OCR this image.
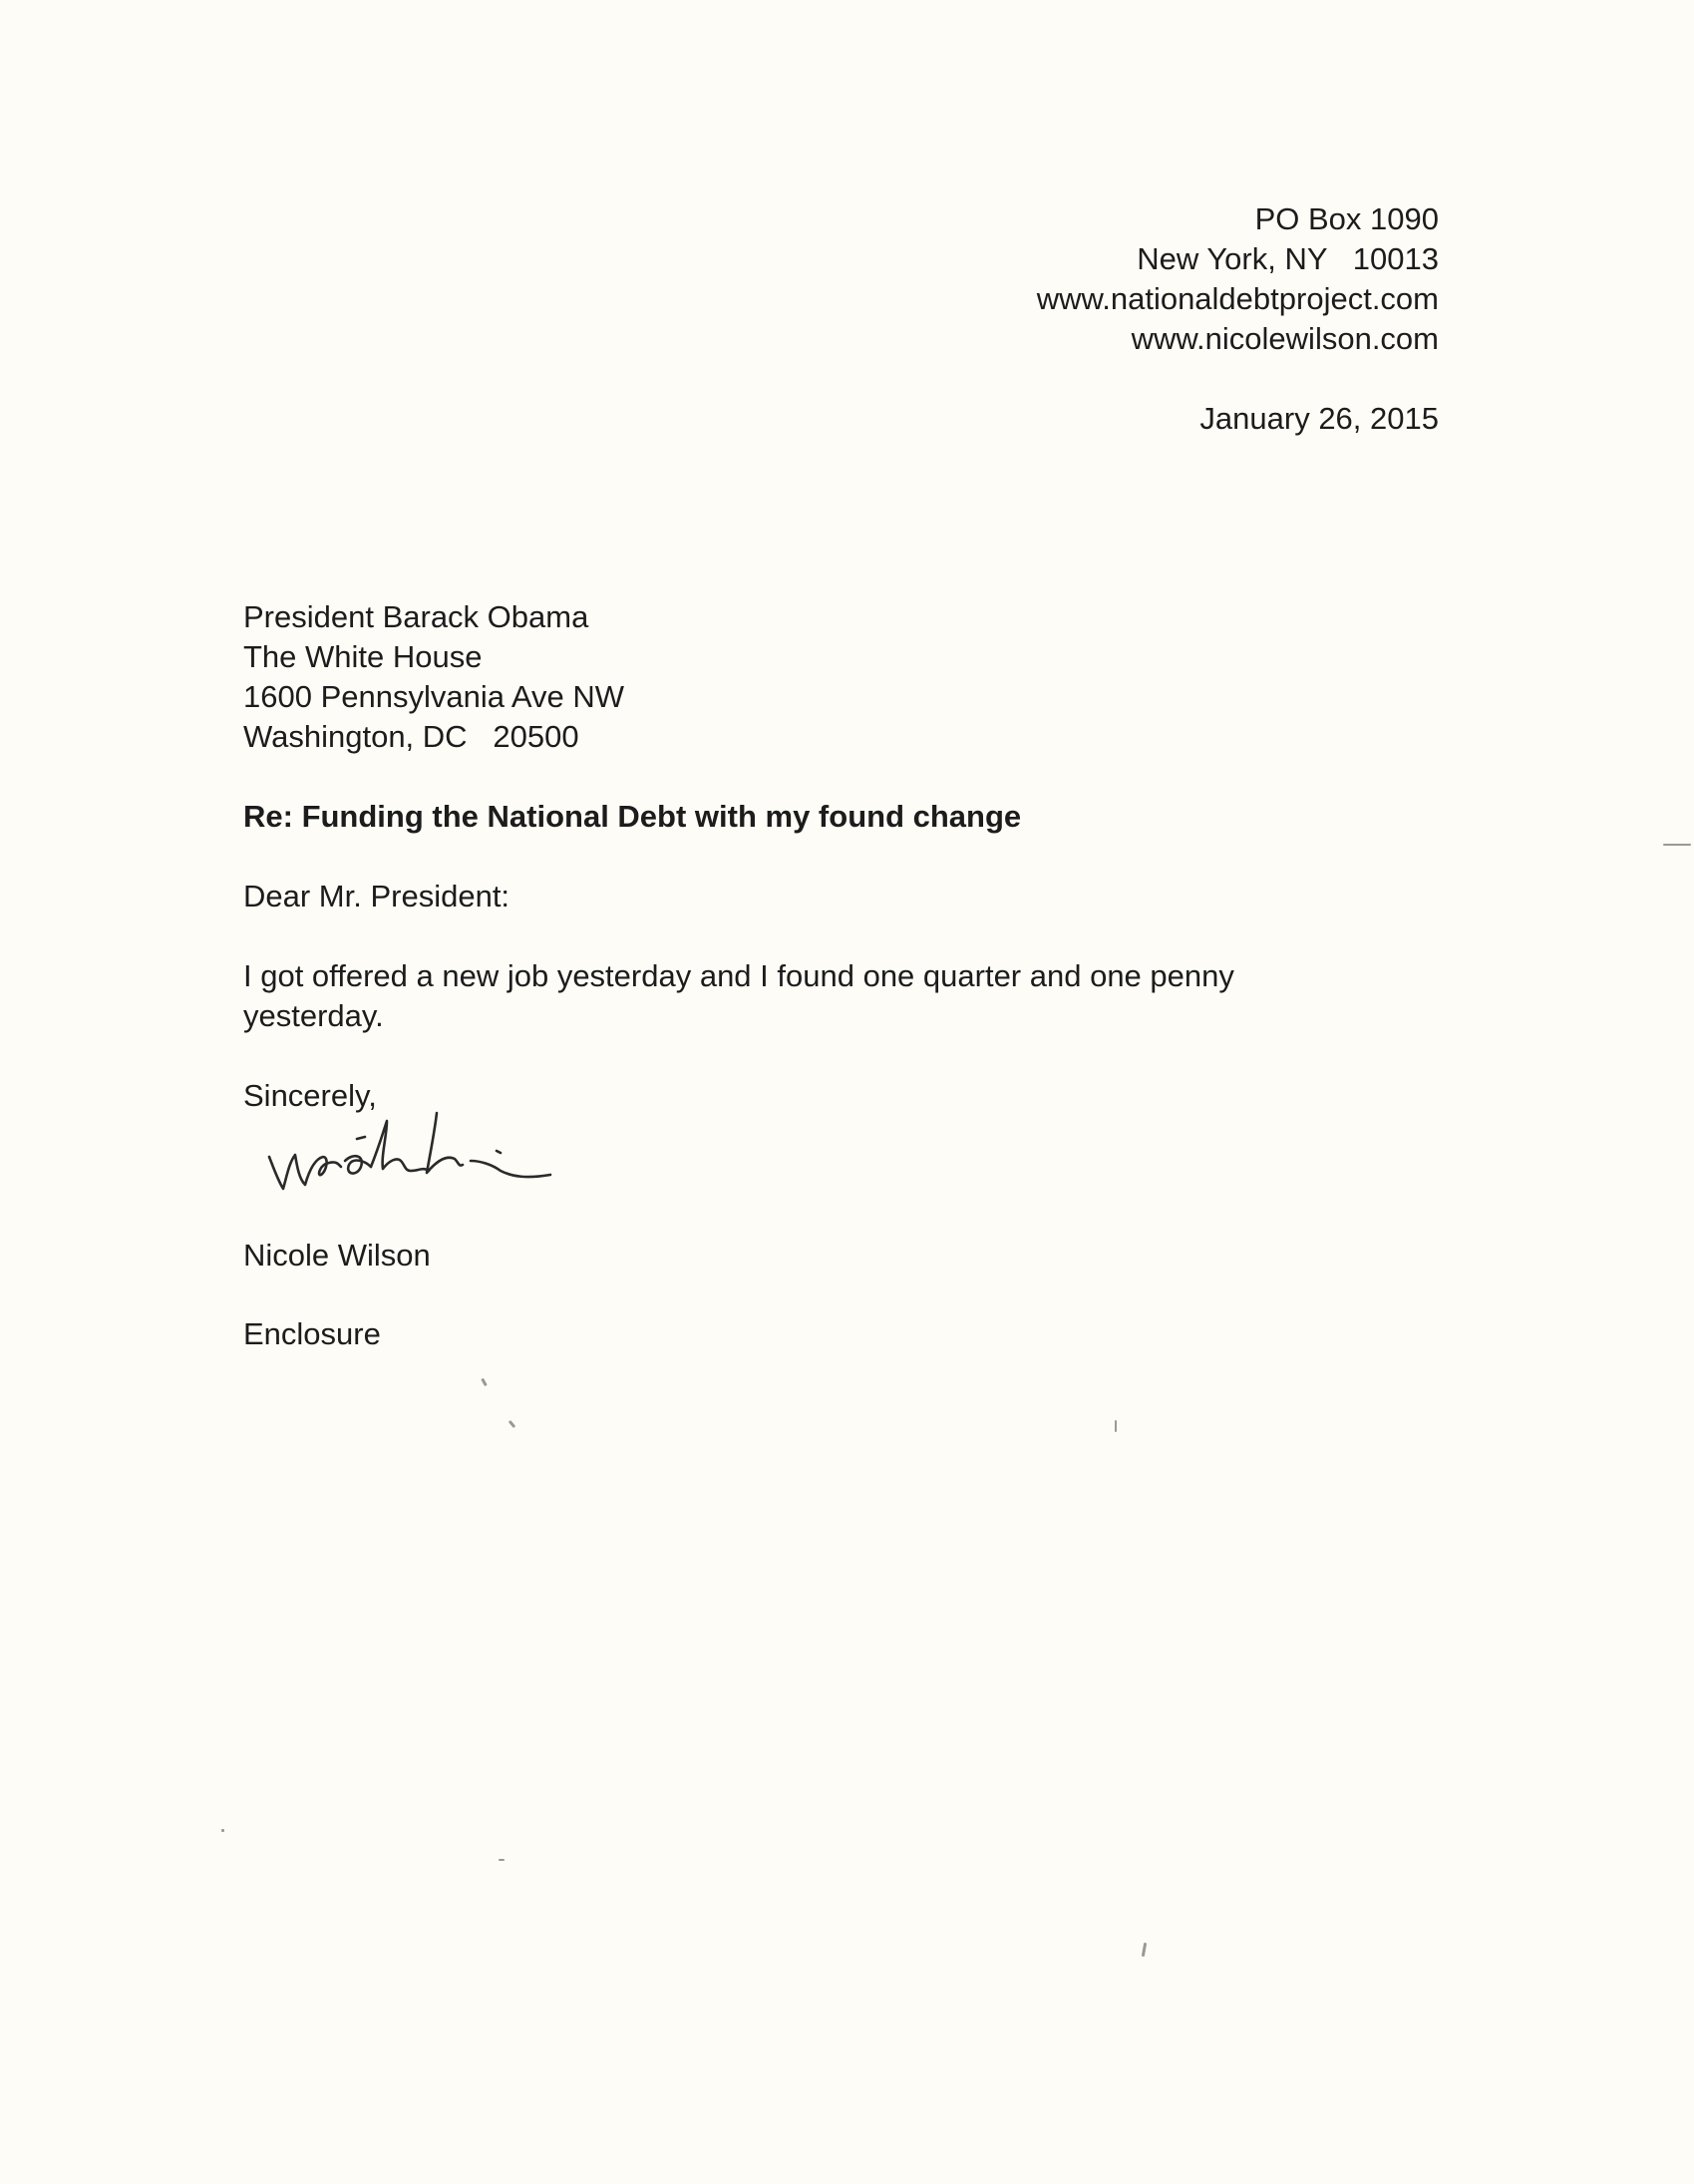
PO Box 1090
New York, NY   10013
www.nationaldebtproject.com
www.nicolewilson.com
January 26, 2015
President Barack Obama
The White House
1600 Pennsylvania Ave NW
Washington, DC   20500
Re: Funding the National Debt with my found change
Dear Mr. President:
I got offered a new job yesterday and I found one quarter and one penny yesterday.
Sincerely,
Nicole Wilson
Enclosure
